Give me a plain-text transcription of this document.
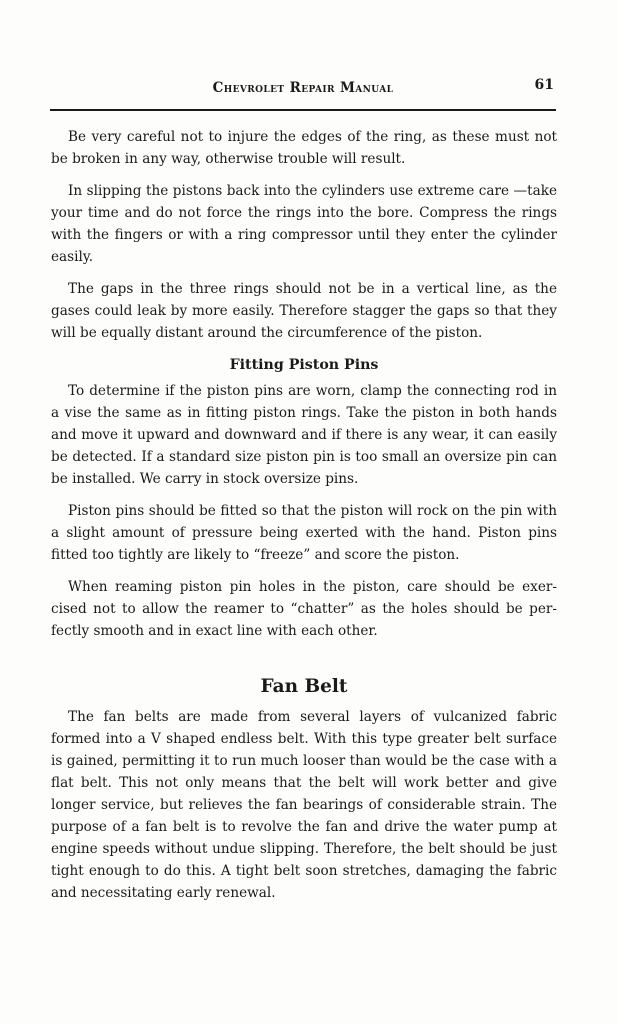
Chevrolet Repair Manual	61

Be very careful not to injure the edges of the ring, as these must not be broken in any way, otherwise trouble will result.

In slipping the pistons back into the cylinders use extreme care —take your time and do not force the rings into the bore. Compress the rings with the fingers or with a ring compressor until they enter the cylinder easily.

The gaps in the three rings should not be in a vertical line, as the gases could leak by more easily. Therefore stagger the gaps so that they will be equally distant around the circumference of the piston.

Fitting Piston Pins

To determine if the piston pins are worn, clamp the connecting rod in a vise the same as in fitting piston rings. Take the piston in both hands and move it upward and downward and if there is any wear, it can easily be detected. If a standard size piston pin is too small an oversize pin can be installed. We carry in stock oversize pins.

Piston pins should be fitted so that the piston will rock on the pin with a slight amount of pressure being exerted with the hand. Piston pins fitted too tightly are likely to “freeze” and score the piston.

When reaming piston pin holes in the piston, care should be exer-cised not to allow the reamer to “chatter” as the holes should be per-fectly smooth and in exact line with each other.

Fan Belt

The fan belts are made from several layers of vulcanized fabric formed into a V shaped endless belt. With this type greater belt surface is gained, permitting it to run much looser than would be the case with a flat belt. This not only means that the belt will work better and give longer service, but relieves the fan bearings of considerable strain. The purpose of a fan belt is to revolve the fan and drive the water pump at engine speeds without undue slipping. Therefore, the belt should be just tight enough to do this. A tight belt soon stretches, damaging the fabric and necessitating early renewal.
